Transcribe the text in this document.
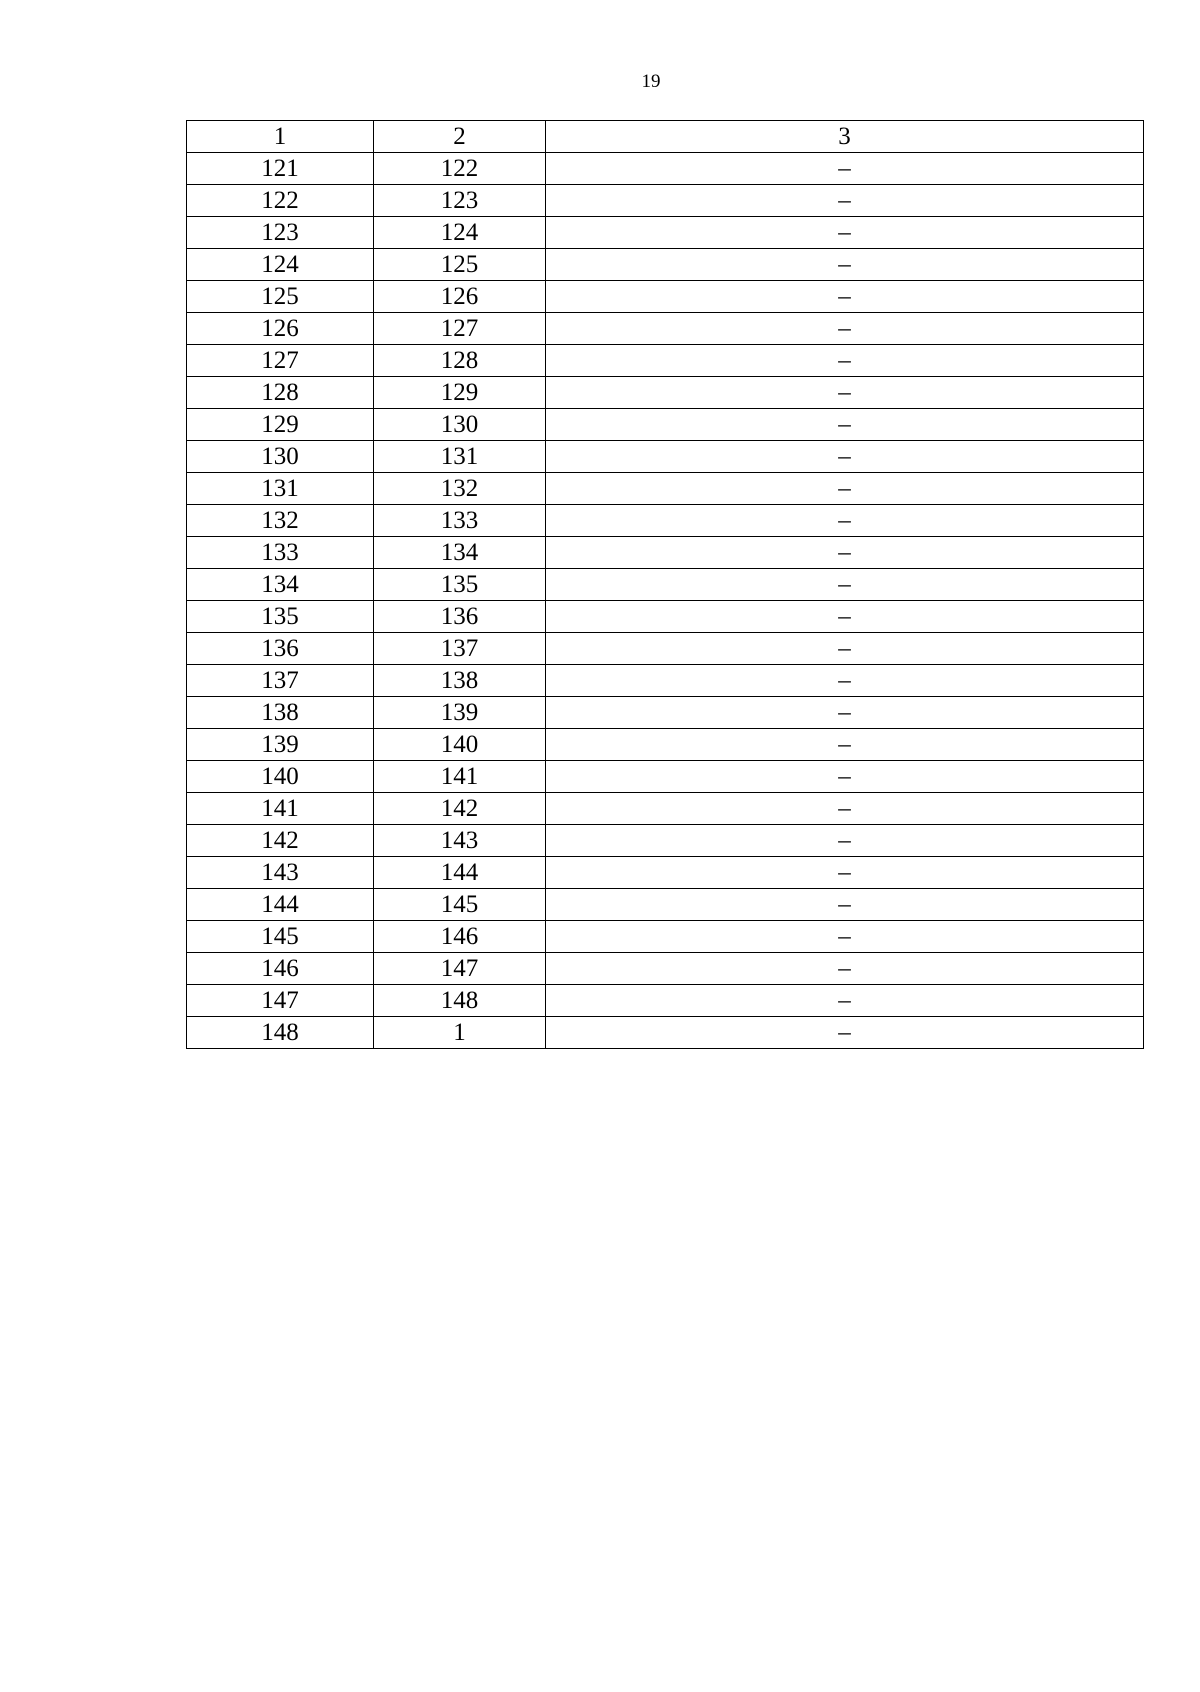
19
1	2	3
121	122	–
122	123	–
123	124	–
124	125	–
125	126	–
126	127	–
127	128	–
128	129	–
129	130	–
130	131	–
131	132	–
132	133	–
133	134	–
134	135	–
135	136	–
136	137	–
137	138	–
138	139	–
139	140	–
140	141	–
141	142	–
142	143	–
143	144	–
144	145	–
145	146	–
146	147	–
147	148	–
148	1	–
